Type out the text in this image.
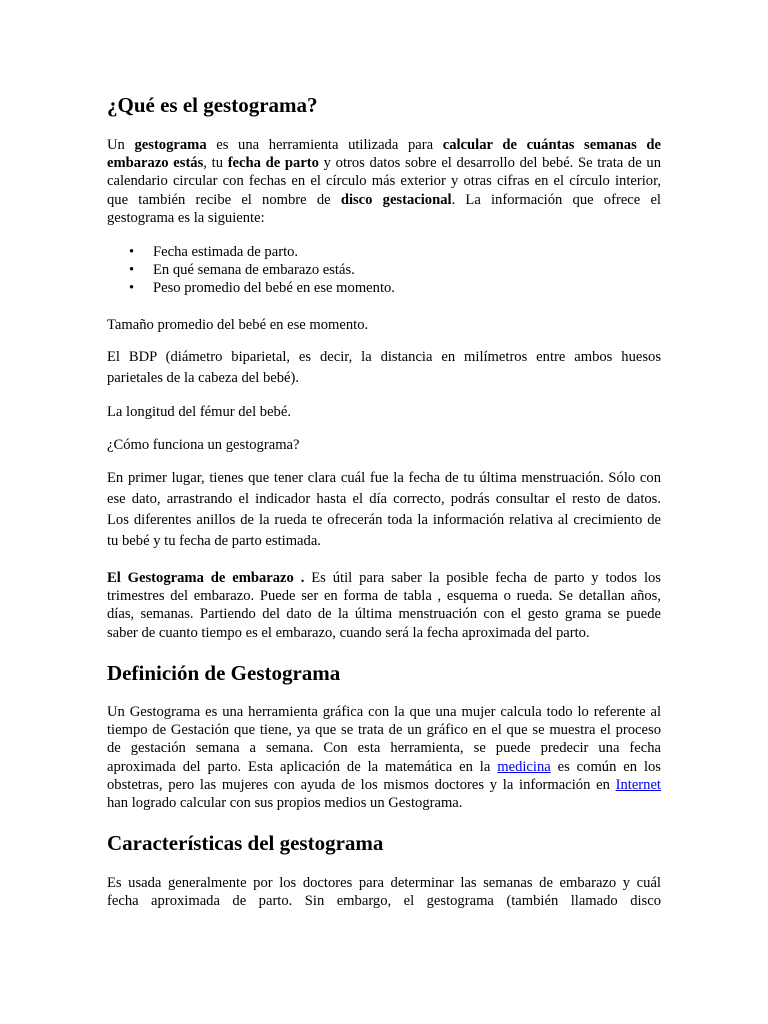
¿Qué es el gestograma?

Un gestograma es una herramienta utilizada para calcular de cuántas semanas de
embarazo estás, tu fecha de parto y otros datos sobre el desarrollo del bebé. Se trata de un
calendario circular con fechas en el círculo más exterior y otras cifras en el círculo interior,
que también recibe el nombre de disco gestacional. La información que ofrece el
gestograma es la siguiente:

• Fecha estimada de parto.
• En qué semana de embarazo estás.
• Peso promedio del bebé en ese momento.

Tamaño promedio del bebé en ese momento.

El BDP (diámetro biparietal, es decir, la distancia en milímetros entre ambos huesos
parietales de la cabeza del bebé).

La longitud del fémur del bebé.

¿Cómo funciona un gestograma?

En primer lugar, tienes que tener clara cuál fue la fecha de tu última menstruación. Sólo con
ese dato, arrastrando el indicador hasta el día correcto, podrás consultar el resto de datos.
Los diferentes anillos de la rueda te ofrecerán toda la información relativa al crecimiento de
tu bebé y tu fecha de parto estimada.

El Gestograma de embarazo . Es útil para saber la posible fecha de parto y todos los
trimestres del embarazo. Puede ser en forma de tabla , esquema o rueda. Se detallan años,
días, semanas. Partiendo del dato de la última menstruación con el gesto grama se puede
saber de cuanto tiempo es el embarazo, cuando será la fecha aproximada del parto.

Definición de Gestograma

Un Gestograma es una herramienta gráfica con la que una mujer calcula todo lo referente al
tiempo de Gestación que tiene, ya que se trata de un gráfico en el que se muestra el proceso
de gestación semana a semana. Con esta herramienta, se puede predecir una fecha
aproximada del parto. Esta aplicación de la matemática en la medicina es común en los
obstetras, pero las mujeres con ayuda de los mismos doctores y la información en Internet
han logrado calcular con sus propios medios un Gestograma.

Características del gestograma

Es usada generalmente por los doctores para determinar las semanas de embarazo y cuál
fecha aproximada de parto. Sin embargo, el gestograma (también llamado disco
